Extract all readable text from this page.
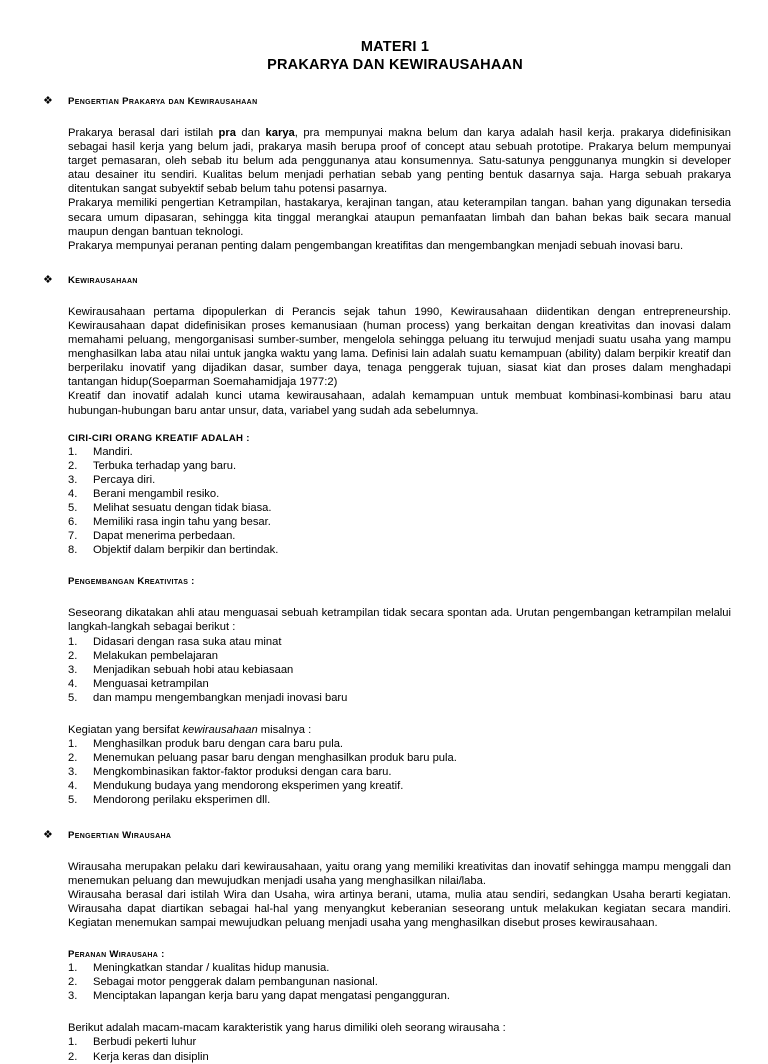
MATERI 1
PRAKARYA DAN KEWIRAUSAHAAN
❖ Pengertian Prakarya dan Kewirausahaan

Prakarya berasal dari istilah pra dan karya, pra mempunyai makna belum dan karya adalah hasil kerja. prakarya didefinisikan sebagai hasil kerja yang belum jadi, prakarya masih berupa proof of concept atau sebuah prototipe. Prakarya belum mempunyai target pemasaran, oleh sebab itu belum ada penggunanya atau konsumennya. Satu-satunya penggunanya mungkin si developer atau desainer itu sendiri. Kualitas belum menjadi perhatian sebab yang penting bentuk dasarnya saja. Harga sebuah prakarya ditentukan sangat subyektif sebab belum tahu potensi pasarnya.

Prakarya memiliki pengertian Ketrampilan, hastakarya, kerajinan tangan, atau keterampilan tangan. bahan yang digunakan tersedia secara umum dipasaran, sehingga kita tinggal merangkai ataupun pemanfaatan limbah dan bahan bekas baik secara manual maupun dengan bantuan teknologi.

Prakarya mempunyai peranan penting dalam pengembangan kreatifitas dan mengembangkan menjadi sebuah inovasi baru.

❖ Kewirausahaan

Kewirausahaan pertama dipopulerkan di Perancis sejak tahun 1990, Kewirausahaan diidentikan dengan entrepreneurship. Kewirausahaan dapat didefinisikan proses kemanusiaan (human process) yang berkaitan dengan kreativitas dan inovasi dalam memahami peluang, mengorganisasi sumber-sumber, mengelola sehingga peluang itu terwujud menjadi suatu usaha yang mampu menghasilkan laba atau nilai untuk jangka waktu yang lama. Definisi lain adalah suatu kemampuan (ability) dalam berpikir kreatif dan berperilaku inovatif yang dijadikan dasar, sumber daya, tenaga penggerak tujuan, siasat kiat dan proses dalam menghadapi tantangan hidup(Soeparman Soemahamidjaja 1977:2)

Kreatif dan inovatif adalah kunci utama kewirausahaan, adalah kemampuan untuk membuat kombinasi-kombinasi baru atau hubungan-hubungan baru antar unsur, data, variabel yang sudah ada sebelumnya.

CIRI-CIRI ORANG KREATIF ADALAH :
1.	Mandiri.
2.	Terbuka terhadap yang baru.
3.	Percaya diri.
4.	Berani mengambil resiko.
5.	Melihat sesuatu dengan tidak biasa.
6.	Memiliki rasa ingin tahu yang besar.
7.	Dapat menerima perbedaan.
8.	Objektif dalam berpikir dan bertindak.
Pengembangan Kreativitas :

Seseorang dikatakan ahli atau menguasai sebuah ketrampilan tidak secara spontan ada. Urutan pengembangan ketrampilan melalui langkah-langkah sebagai berikut :

1.	Didasari dengan rasa suka atau minat
2.	Melakukan pembelajaran
3.	Menjadikan sebuah hobi atau kebiasaan
4.	Menguasai ketrampilan
5.	dan mampu mengembangkan menjadi inovasi baru

Kegiatan yang bersifat kewirausahaan misalnya :

1.	Menghasilkan produk baru dengan cara baru pula.
2.	Menemukan peluang pasar baru dengan menghasilkan produk baru pula.
3.	Mengkombinasikan faktor-faktor produksi dengan cara baru.
4.	Mendukung budaya yang mendorong eksperimen yang kreatif.
5.	Mendorong perilaku eksperimen dll.
❖ Pengertian Wirausaha

Wirausaha merupakan pelaku dari kewirausahaan, yaitu orang yang memiliki kreativitas dan inovatif sehingga mampu menggali dan menemukan peluang dan mewujudkan menjadi usaha yang menghasilkan nilai/laba.

Wirausaha berasal dari istilah Wira dan Usaha, wira artinya berani, utama, mulia atau sendiri, sedangkan Usaha berarti kegiatan. Wirausaha dapat diartikan sebagai hal-hal yang menyangkut keberanian seseorang untuk melakukan kegiatan secara mandiri. Kegiatan menemukan sampai mewujudkan peluang menjadi usaha yang menghasilkan disebut proses kewirausahaan.

Peranan Wirausaha :
1.	Meningkatkan standar / kualitas hidup manusia.
2.	Sebagai motor penggerak dalam pembangunan nasional.
3.	Menciptakan lapangan kerja baru yang dapat mengatasi pengangguran.

Berikut adalah macam-macam karakteristik yang harus dimiliki oleh seorang wirausaha :

1.	Berbudi pekerti luhur
2.	Kerja keras dan disiplin
